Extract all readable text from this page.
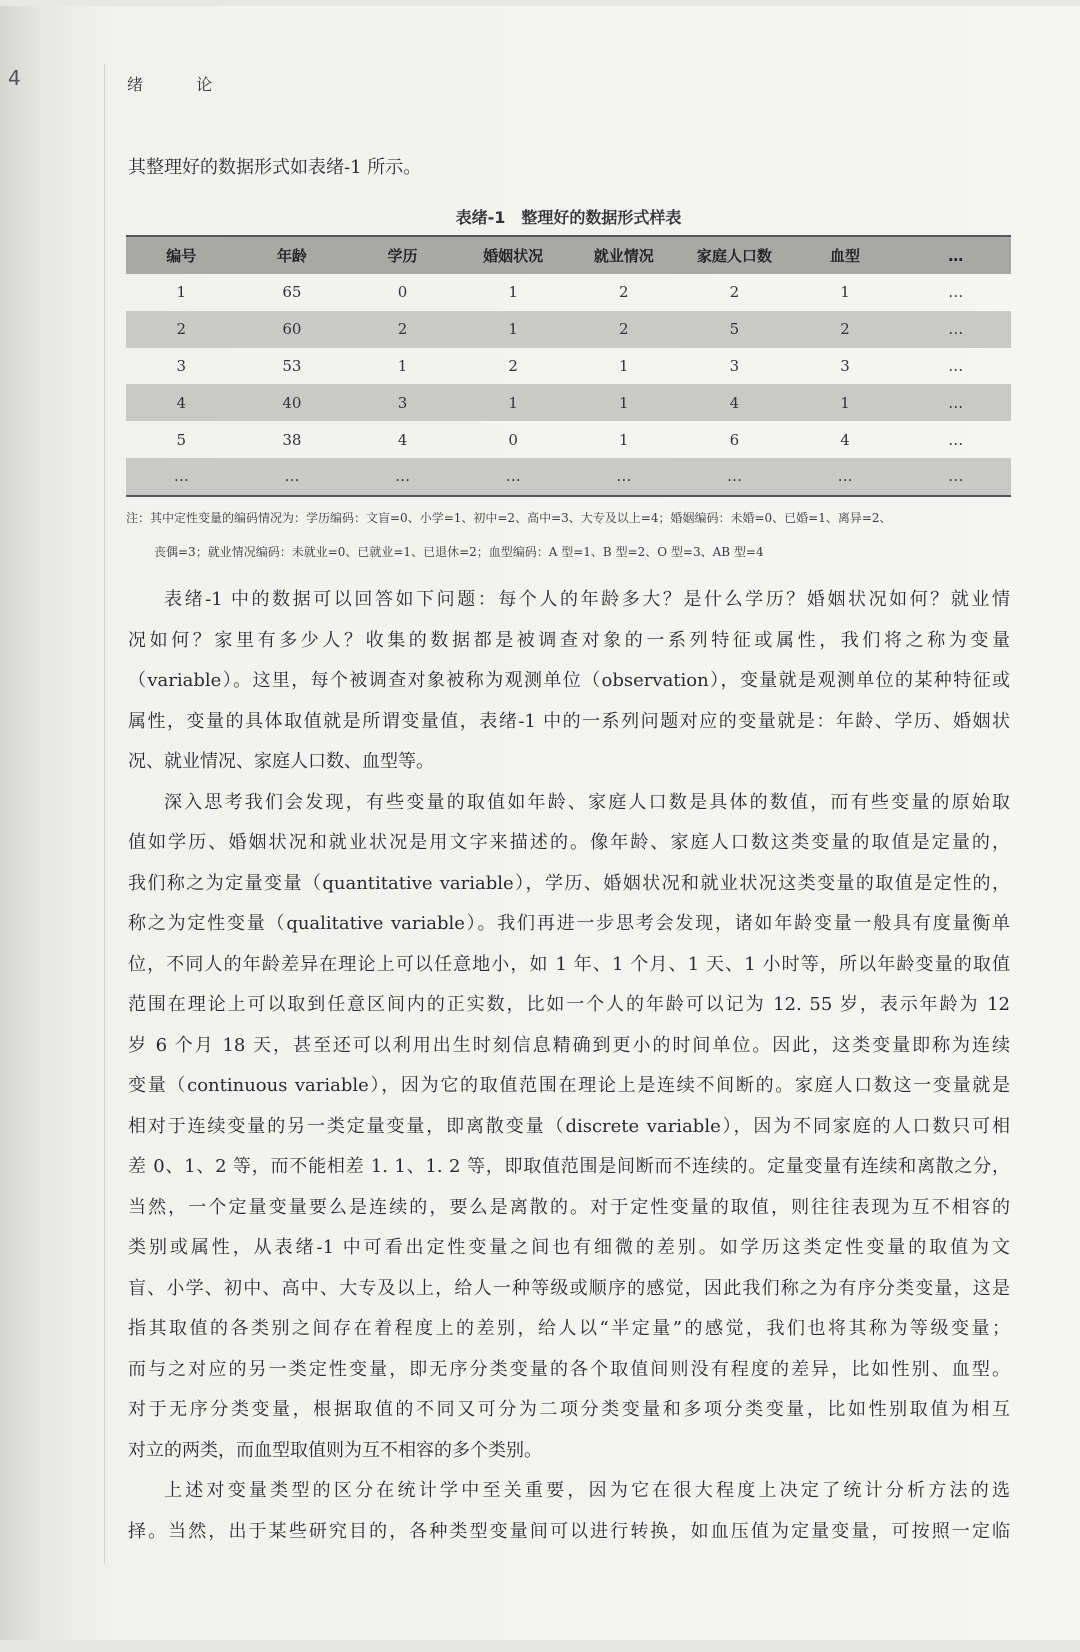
4	绪 论
其整理好的数据形式如表绪-1 所示。
表绪-1　整理好的数据形式样表
编号	年龄	学历	婚姻状况	就业情况	家庭人口数	血型	…
1	65	0	1	2	2	1	…
2	60	2	1	2	5	2	…
3	53	1	2	1	3	3	…
4	40	3	1	1	4	1	…
5	38	4	0	1	6	4	…
…	…	…	…	…	…	…	…
注：其中定性变量的编码情况为：学历编码：文盲=0、小学=1、初中=2、高中=3、大专及以上=4；婚姻编码：未婚=0、已婚=1、离异=2、
丧偶=3；就业情况编码：未就业=0、已就业=1、已退休=2；血型编码：A 型=1、B 型=2、O 型=3、AB 型=4

表绪-1 中的数据可以回答如下问题：每个人的年龄多大？是什么学历？婚姻状况如何？就业情
况如何？家里有多少人？收集的数据都是被调查对象的一系列特征或属性，我们将之称为变量
（variable）。这里，每个被调查对象被称为观测单位（observation），变量就是观测单位的某种特征或
属性，变量的具体取值就是所谓变量值，表绪-1 中的一系列问题对应的变量就是：年龄、学历、婚姻状
况、就业情况、家庭人口数、血型等。

深入思考我们会发现，有些变量的取值如年龄、家庭人口数是具体的数值，而有些变量的原始取
值如学历、婚姻状况和就业状况是用文字来描述的。像年龄、家庭人口数这类变量的取值是定量的，
我们称之为定量变量（quantitative variable），学历、婚姻状况和就业状况这类变量的取值是定性的，
称之为定性变量（qualitative variable）。我们再进一步思考会发现，诸如年龄变量一般具有度量衡单
位，不同人的年龄差异在理论上可以任意地小，如 1 年、1 个月、1 天、1 小时等，所以年龄变量的取值
范围在理论上可以取到任意区间内的正实数，比如一个人的年龄可以记为 12. 55 岁，表示年龄为 12
岁 6 个月 18 天，甚至还可以利用出生时刻信息精确到更小的时间单位。因此，这类变量即称为连续
变量（continuous variable），因为它的取值范围在理论上是连续不间断的。家庭人口数这一变量就是
相对于连续变量的另一类定量变量，即离散变量（discrete variable），因为不同家庭的人口数只可相
差 0、1、2 等，而不能相差 1. 1、1. 2 等，即取值范围是间断而不连续的。定量变量有连续和离散之分，
当然，一个定量变量要么是连续的，要么是离散的。对于定性变量的取值，则往往表现为互不相容的
类别或属性，从表绪-1 中可看出定性变量之间也有细微的差别。如学历这类定性变量的取值为文
盲、小学、初中、高中、大专及以上，给人一种等级或顺序的感觉，因此我们称之为有序分类变量，这是
指其取值的各类别之间存在着程度上的差别，给人以“半定量”的感觉，我们也将其称为等级变量；
而与之对应的另一类定性变量，即无序分类变量的各个取值间则没有程度的差异，比如性别、血型。
对于无序分类变量，根据取值的不同又可分为二项分类变量和多项分类变量，比如性别取值为相互
对立的两类，而血型取值则为互不相容的多个类别。

上述对变量类型的区分在统计学中至关重要，因为它在很大程度上决定了统计分析方法的选
择。当然，出于某些研究目的，各种类型变量间可以进行转换，如血压值为定量变量，可按照一定临
